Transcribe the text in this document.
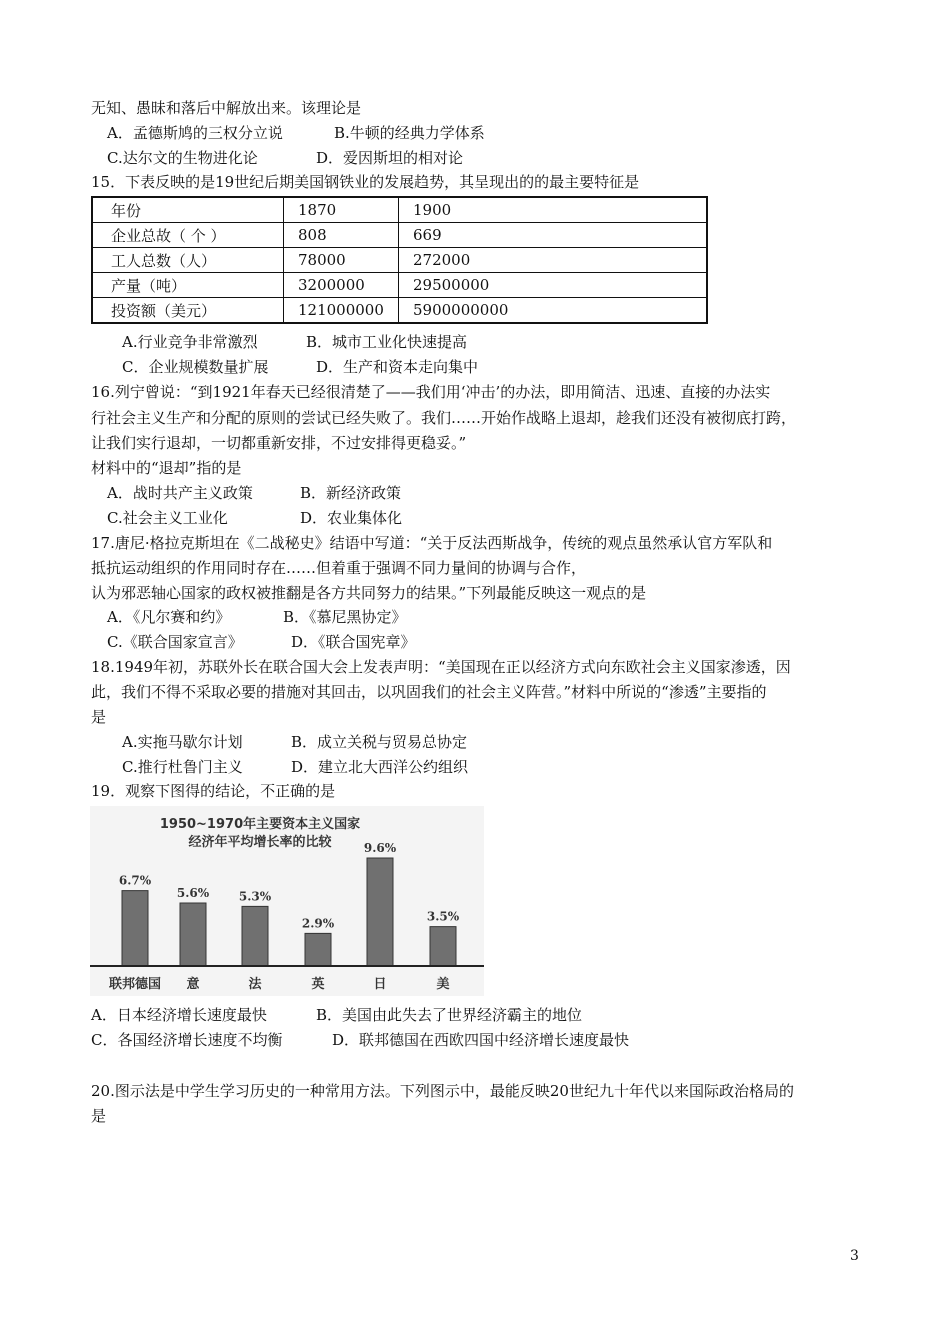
无知、愚昧和落后中解放出来。该理论是
A．孟德斯鸠的三权分立说	B.牛顿的经典力学体系
C.达尔文的生物进化论	D．爱因斯坦的相对论
15．下表反映的是19世纪后期美国钢铁业的发展趋势，其呈现出的的最主要特征是
年份	1870	1900
企业总故（ 个 ）	808	669
工人总数（人）	78000	272000
产量（吨）	3200000	29500000
投资额（美元）	121000000	5900000000
A.行业竞争非常激烈	B．城市工业化快速提高
C．企业规模数量扩展	D．生产和资本走向集中
16.列宁曾说：“到1921年春天已经很清楚了——我们用‘冲击’的办法，即用简洁、迅速、直接的办法实
行社会主义生产和分配的原则的尝试已经失败了。我们……开始作战略上退却，趁我们还没有被彻底打跨，
让我们实行退却，一切都重新安排，不过安排得更稳妥。”
材料中的“退却”指的是
A．战时共产主义政策	B．新经济政策
C.社会主义工业化	D．农业集体化
17.唐尼·格拉克斯坦在《二战秘史》结语中写道：“关于反法西斯战争，传统的观点虽然承认官方军队和
抵抗运动组织的作用同时存在……但着重于强调不同力量间的协调与合作，
认为邪恶轴心国家的政权被推翻是各方共同努力的结果。”下列最能反映这一观点的是
A．《凡尔赛和约》	B．《慕尼黑协定》
C.《联合国家宣言》	D．《联合国宪章》
18.1949年初，苏联外长在联合国大会上发表声明：“美国现在正以经济方式向东欧社会主义国家渗透，因
此，我们不得不采取必要的措施对其回击，以巩固我们的社会主义阵营。”材料中所说的“渗透”主要指的
是
A.实拖马歇尔计划	B．成立关税与贸易总协定
C.推行杜鲁门主义	D．建立北大西洋公约组织
19．观察下图得的结论，不正确的是
1950~1970年主要资本主义国家
经济年平均增长率的比较
6.7%
联邦德国
5.6%
意
5.3%
法
2.9%
英
9.6%
日
3.5%
美
A．日本经济增长速度最快	B．美国由此失去了世界经济霸主的地位
C．各国经济增长速度不均衡	D．联邦德国在西欧四国中经济增长速度最快
20.图示法是中学生学习历史的一种常用方法。下列图示中，最能反映20世纪九十年代以来国际政治格局的
是
3
